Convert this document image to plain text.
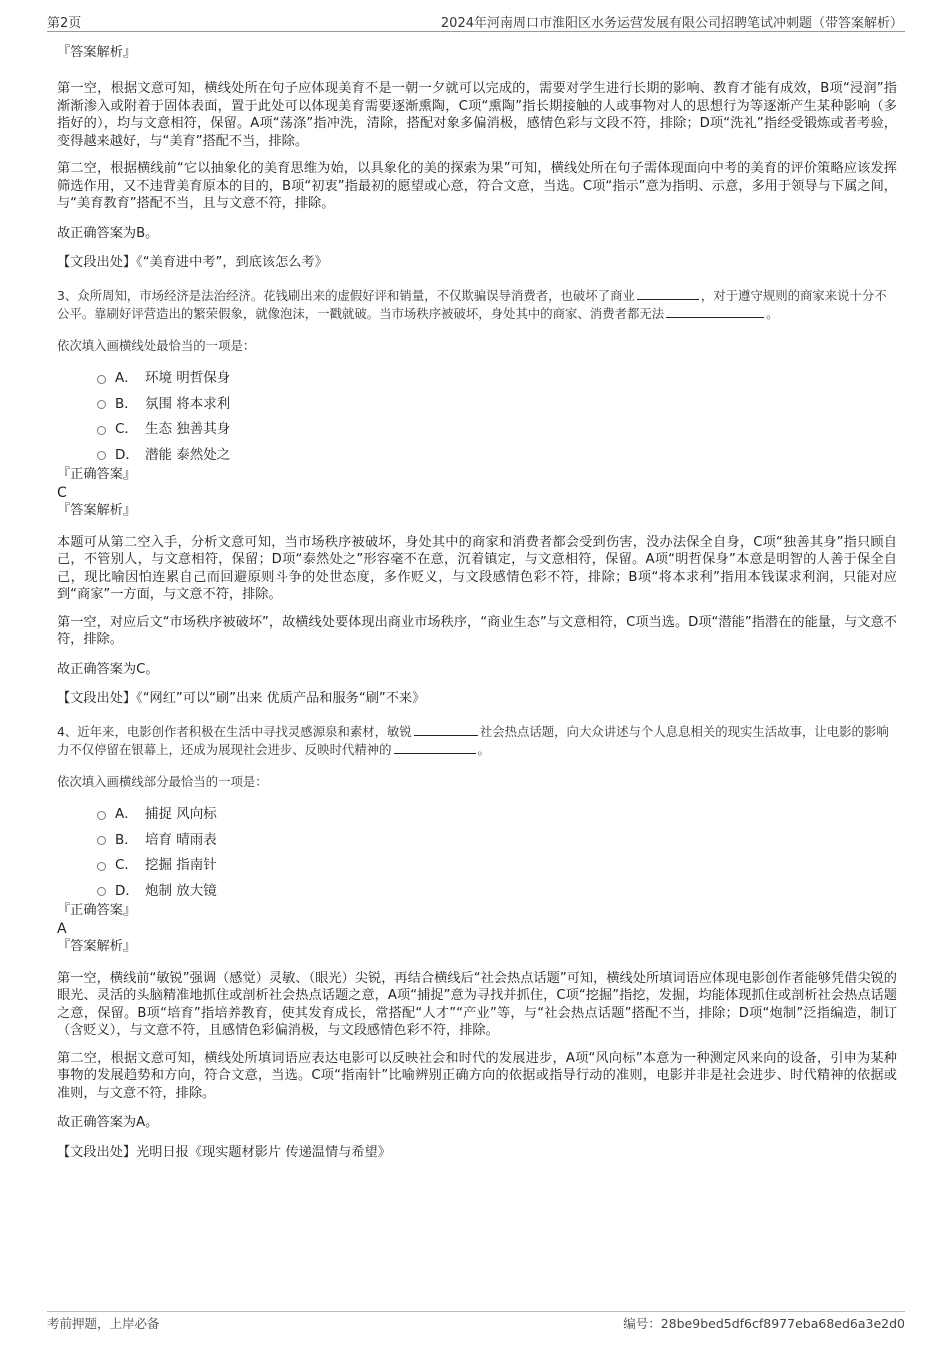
第2页	2024年河南周口市淮阳区水务运营发展有限公司招聘笔试冲刺题（带答案解析）

『答案解析』

第一空，根据文意可知，横线处所在句子应体现美育不是一朝一夕就可以完成的，需要对学生进行长期的影响、教育才能有成效，B项“浸润”指渐渐渗入或附着于固体表面，置于此处可以体现美育需要逐渐熏陶，C项“熏陶”指长期接触的人或事物对人的思想行为等逐渐产生某种影响（多指好的），均与文意相符，保留。A项“荡涤”指冲洗，清除，搭配对象多偏消极，感情色彩与文段不符，排除；D项“洗礼”指经受锻炼或者考验，变得越来越好，与“美育”搭配不当，排除。

第二空，根据横线前“它以抽象化的美育思维为始，以具象化的美的探索为果”可知，横线处所在句子需体现面向中考的美育的评价策略应该发挥筛选作用，又不违背美育原本的目的，B项“初衷”指最初的愿望或心意，符合文意，当选。C项“指示”意为指明、示意，多用于领导与下属之间，与“美育教育”搭配不当，且与文意不符，排除。

故正确答案为B。

【文段出处】《“美育进中考”，到底该怎么考》

3、众所周知，市场经济是法治经济。花钱刷出来的虚假好评和销量，不仅欺骗误导消费者，也破坏了商业	，对于遵守规则的商家来说十分不公平。靠刷好评营造出的繁荣假象，就像泡沫，一戳就破。当市场秩序被破坏，身处其中的商家、消费者都无法	。

依次填入画横线处最恰当的一项是：

A． 环境 明哲保身
B． 氛围 将本求利
C． 生态 独善其身
D． 潜能 泰然处之

『正确答案』

C

『答案解析』

本题可从第二空入手，分析文意可知，当市场秩序被破坏，身处其中的商家和消费者都会受到伤害，没办法保全自身，C项“独善其身”指只顾自己，不管别人，与文意相符，保留；D项“泰然处之”形容毫不在意，沉着镇定，与文意相符，保留。A项“明哲保身”本意是明智的人善于保全自己，现比喻因怕连累自己而回避原则斗争的处世态度，多作贬义，与文段感情色彩不符，排除；B项“将本求利”指用本钱谋求利润，只能对应到“商家”一方面，与文意不符，排除。

第一空，对应后文“市场秩序被破坏”，故横线处要体现出商业市场秩序，“商业生态”与文意相符，C项当选。D项“潜能”指潜在的能量，与文意不符，排除。

故正确答案为C。

【文段出处】《“网红”可以“刷”出来 优质产品和服务“刷”不来》

4、近年来，电影创作者积极在生活中寻找灵感源泉和素材，敏锐	社会热点话题，向大众讲述与个人息息相关的现实生活故事，让电影的影响力不仅停留在银幕上，还成为展现社会进步、反映时代精神的	。

依次填入画横线部分最恰当的一项是：

A． 捕捉 风向标
B． 培育 晴雨表
C． 挖掘 指南针
D． 炮制 放大镜

『正确答案』

A

『答案解析』

第一空，横线前“敏锐”强调（感觉）灵敏、（眼光）尖锐，再结合横线后“社会热点话题”可知，横线处所填词语应体现电影创作者能够凭借尖锐的眼光、灵活的头脑精准地抓住或剖析社会热点话题之意，A项“捕捉”意为寻找并抓住，C项“挖掘”指挖，发掘，均能体现抓住或剖析社会热点话题之意，保留。B项“培育”指培养教育，使其发育成长，常搭配“人才”“产业”等，与“社会热点话题”搭配不当，排除；D项“炮制”泛指编造，制订（含贬义），与文意不符，且感情色彩偏消极，与文段感情色彩不符，排除。

第二空，根据文意可知，横线处所填词语应表达电影可以反映社会和时代的发展进步，A项“风向标”本意为一种测定风来向的设备，引申为某种事物的发展趋势和方向，符合文意，当选。C项“指南针”比喻辨别正确方向的依据或指导行动的准则，电影并非是社会进步、时代精神的依据或准则，与文意不符，排除。

故正确答案为A。

【文段出处】光明日报《现实题材影片 传递温情与希望》

考前押题，上岸必备	编号：28be9bed5df6cf8977eba68ed6a3e2d0
